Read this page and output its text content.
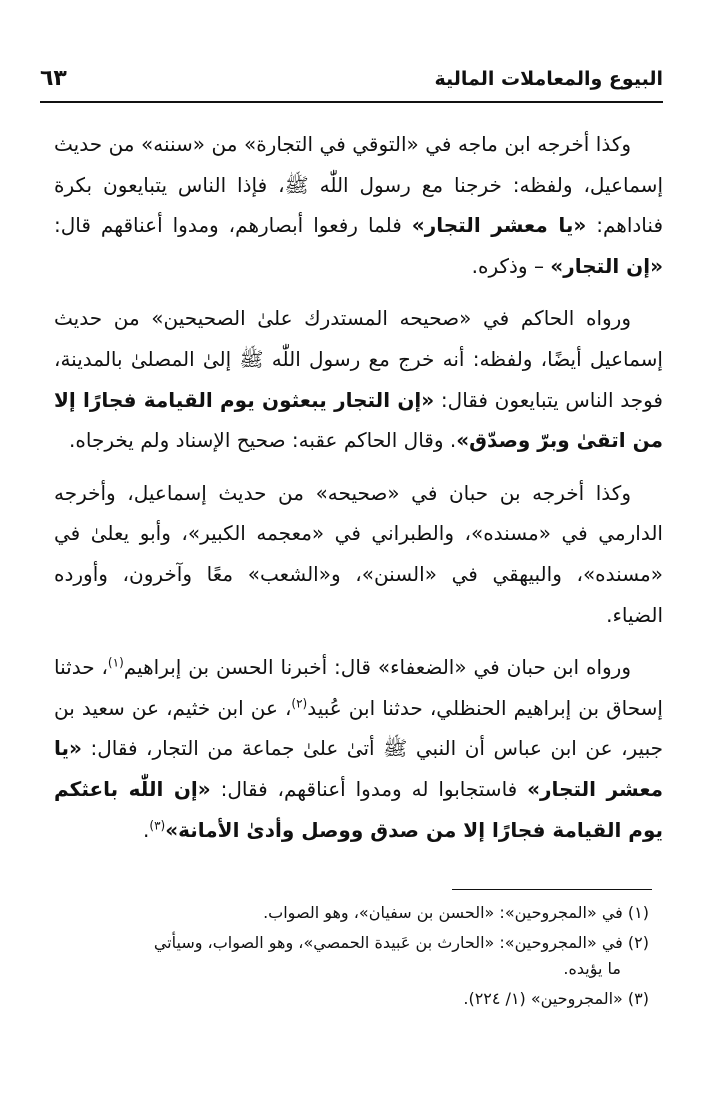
البيوع والمعاملات المالية
٦٣

وكذا أخرجه ابن ماجه في «التوقي في التجارة» من «سننه» من حديث إسماعيل، ولفظه: خرجنا مع رسول اللّٰه ﷺ، فإذا الناس يتبايعون بكرة فناداهم: «يا معشر التجار» فلما رفعوا أبصارهم، ومدوا أعناقهم قال: «إن التجار» – وذكره.

ورواه الحاكم في «صحيحه المستدرك علىٰ الصحيحين» من حديث إسماعيل أيضًا، ولفظه: أنه خرج مع رسول اللّٰه ﷺ إلىٰ المصلىٰ بالمدينة، فوجد الناس يتبايعون فقال: «إن التجار يبعثون يوم القيامة فجارًا إلا من اتقىٰ وبرّ وصدّق». وقال الحاكم عقبه: صحيح الإسناد ولم يخرجاه.

وكذا أخرجه بن حبان في «صحيحه» من حديث إسماعيل، وأخرجه الدارمي في «مسنده»، والطبراني في «معجمه الكبير»، وأبو يعلىٰ في «مسنده»، والبيهقي في «السنن»، و«الشعب» معًا وآخرون، وأورده الضياء.

ورواه ابن حبان في «الضعفاء» قال: أخبرنا الحسن بن إبراهيم$^{(١)}$، حدثنا إسحاق بن إبراهيم الحنظلي، حدثنا ابن عُبيد$^{(٢)}$، عن ابن خثيم، عن سعيد بن جبير، عن ابن عباس أن النبي ﷺ أتىٰ علىٰ جماعة من التجار، فقال: «يا معشر التجار» فاستجابوا له ومدوا أعناقهم، فقال: «إن اللّٰه باعثكم يوم القيامة فجارًا إلا من صدق ووصل وأدىٰ الأمانة»$^{(٣)}$.

(١) في «المجروحين»: «الحسن بن سفيان»، وهو الصواب.
(٢) في «المجروحين»: «الحارث بن عَبيدة الحمصي»، وهو الصواب، وسيأتي
ما يؤيده.
(٣) «المجروحين» (١/ ٢٢٤).
